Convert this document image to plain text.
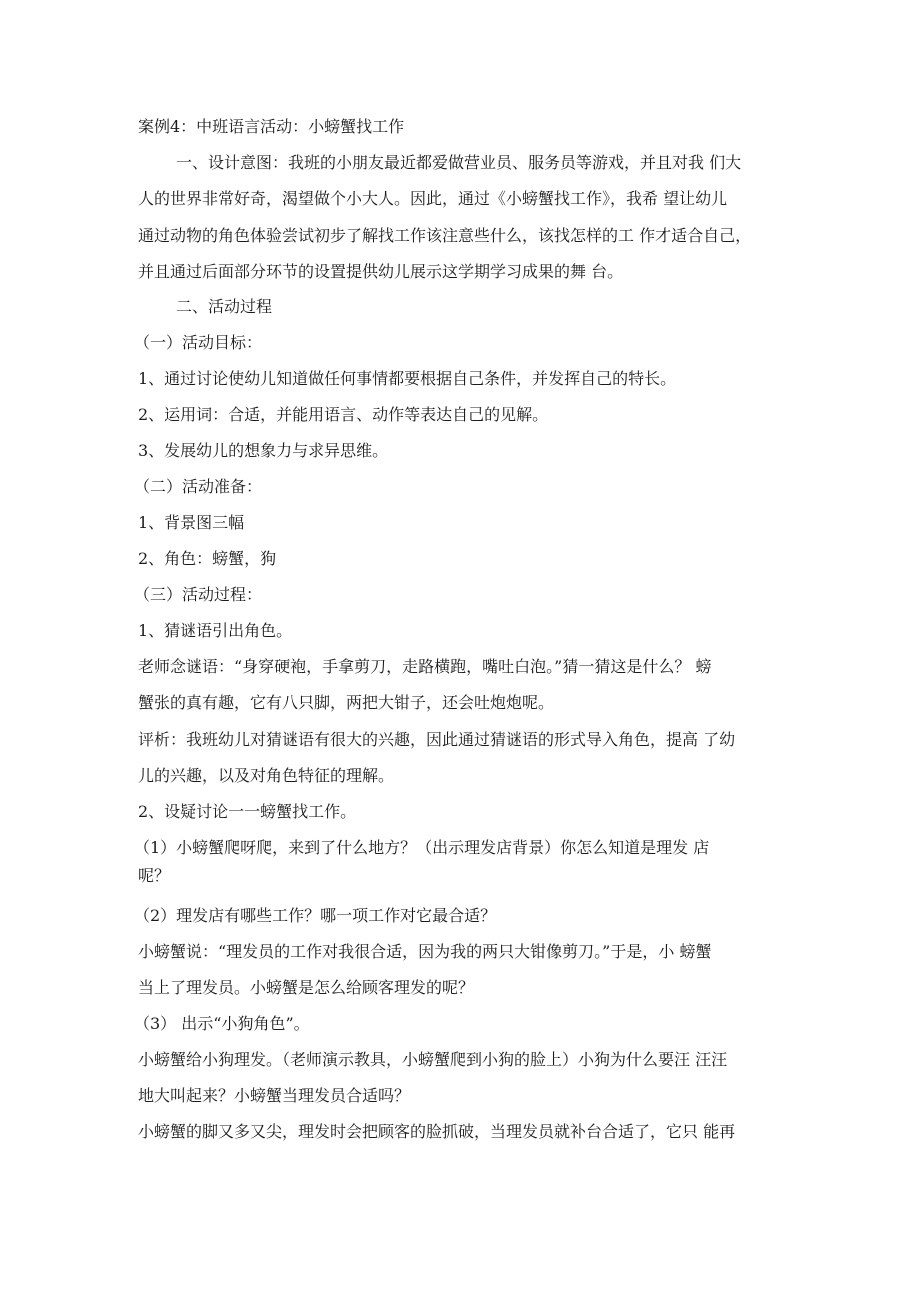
案例4：中班语言活动：小螃蟹找工作
一、设计意图：我班的小朋友最近都爱做营业员、服务员等游戏，并且对我 们大
人的世界非常好奇，渴望做个小大人。因此，通过《小螃蟹找工作》，我希 望让幼儿
通过动物的角色体验尝试初步了解找工作该注意些什么，该找怎样的工 作才适合自己，
并且通过后面部分环节的设置提供幼儿展示这学期学习成果的舞 台。
二、活动过程
（一）活动目标：
1、通过讨论使幼儿知道做任何事情都要根据自己条件，并发挥自己的特长。
2、运用词：合适，并能用语言、动作等表达自己的见解。
3、发展幼儿的想象力与求异思维。
（二）活动准备：
1、背景图三幅
2、角色：螃蟹，狗
（三）活动过程：
1、猜谜语引出角色。
老师念谜语：“身穿硬袍，手拿剪刀，走路横跑，嘴吐白泡。”猜一猜这是什么？ 螃
蟹张的真有趣，它有八只脚，两把大钳子，还会吐炮炮呢。
评析：我班幼儿对猜谜语有很大的兴趣，因此通过猜谜语的形式导入角色，提高 了幼
儿的兴趣，以及对角色特征的理解。
2、设疑讨论一一螃蟹找工作。
（1）小螃蟹爬呀爬，来到了什么地方？（出示理发店背景）你怎么知道是理发 店
呢？
（2）理发店有哪些工作？哪一项工作对它最合适？
小螃蟹说：“理发员的工作对我很合适，因为我的两只大钳像剪刀。”于是，小 螃蟹
当上了理发员。小螃蟹是怎么给顾客理发的呢？
（3） 出示“小狗角色”。
小螃蟹给小狗理发。（老师演示教具，小螃蟹爬到小狗的脸上）小狗为什么要汪 汪汪
地大叫起来？小螃蟹当理发员合适吗？
小螃蟹的脚又多又尖，理发时会把顾客的脸抓破，当理发员就补台合适了，它只 能再
